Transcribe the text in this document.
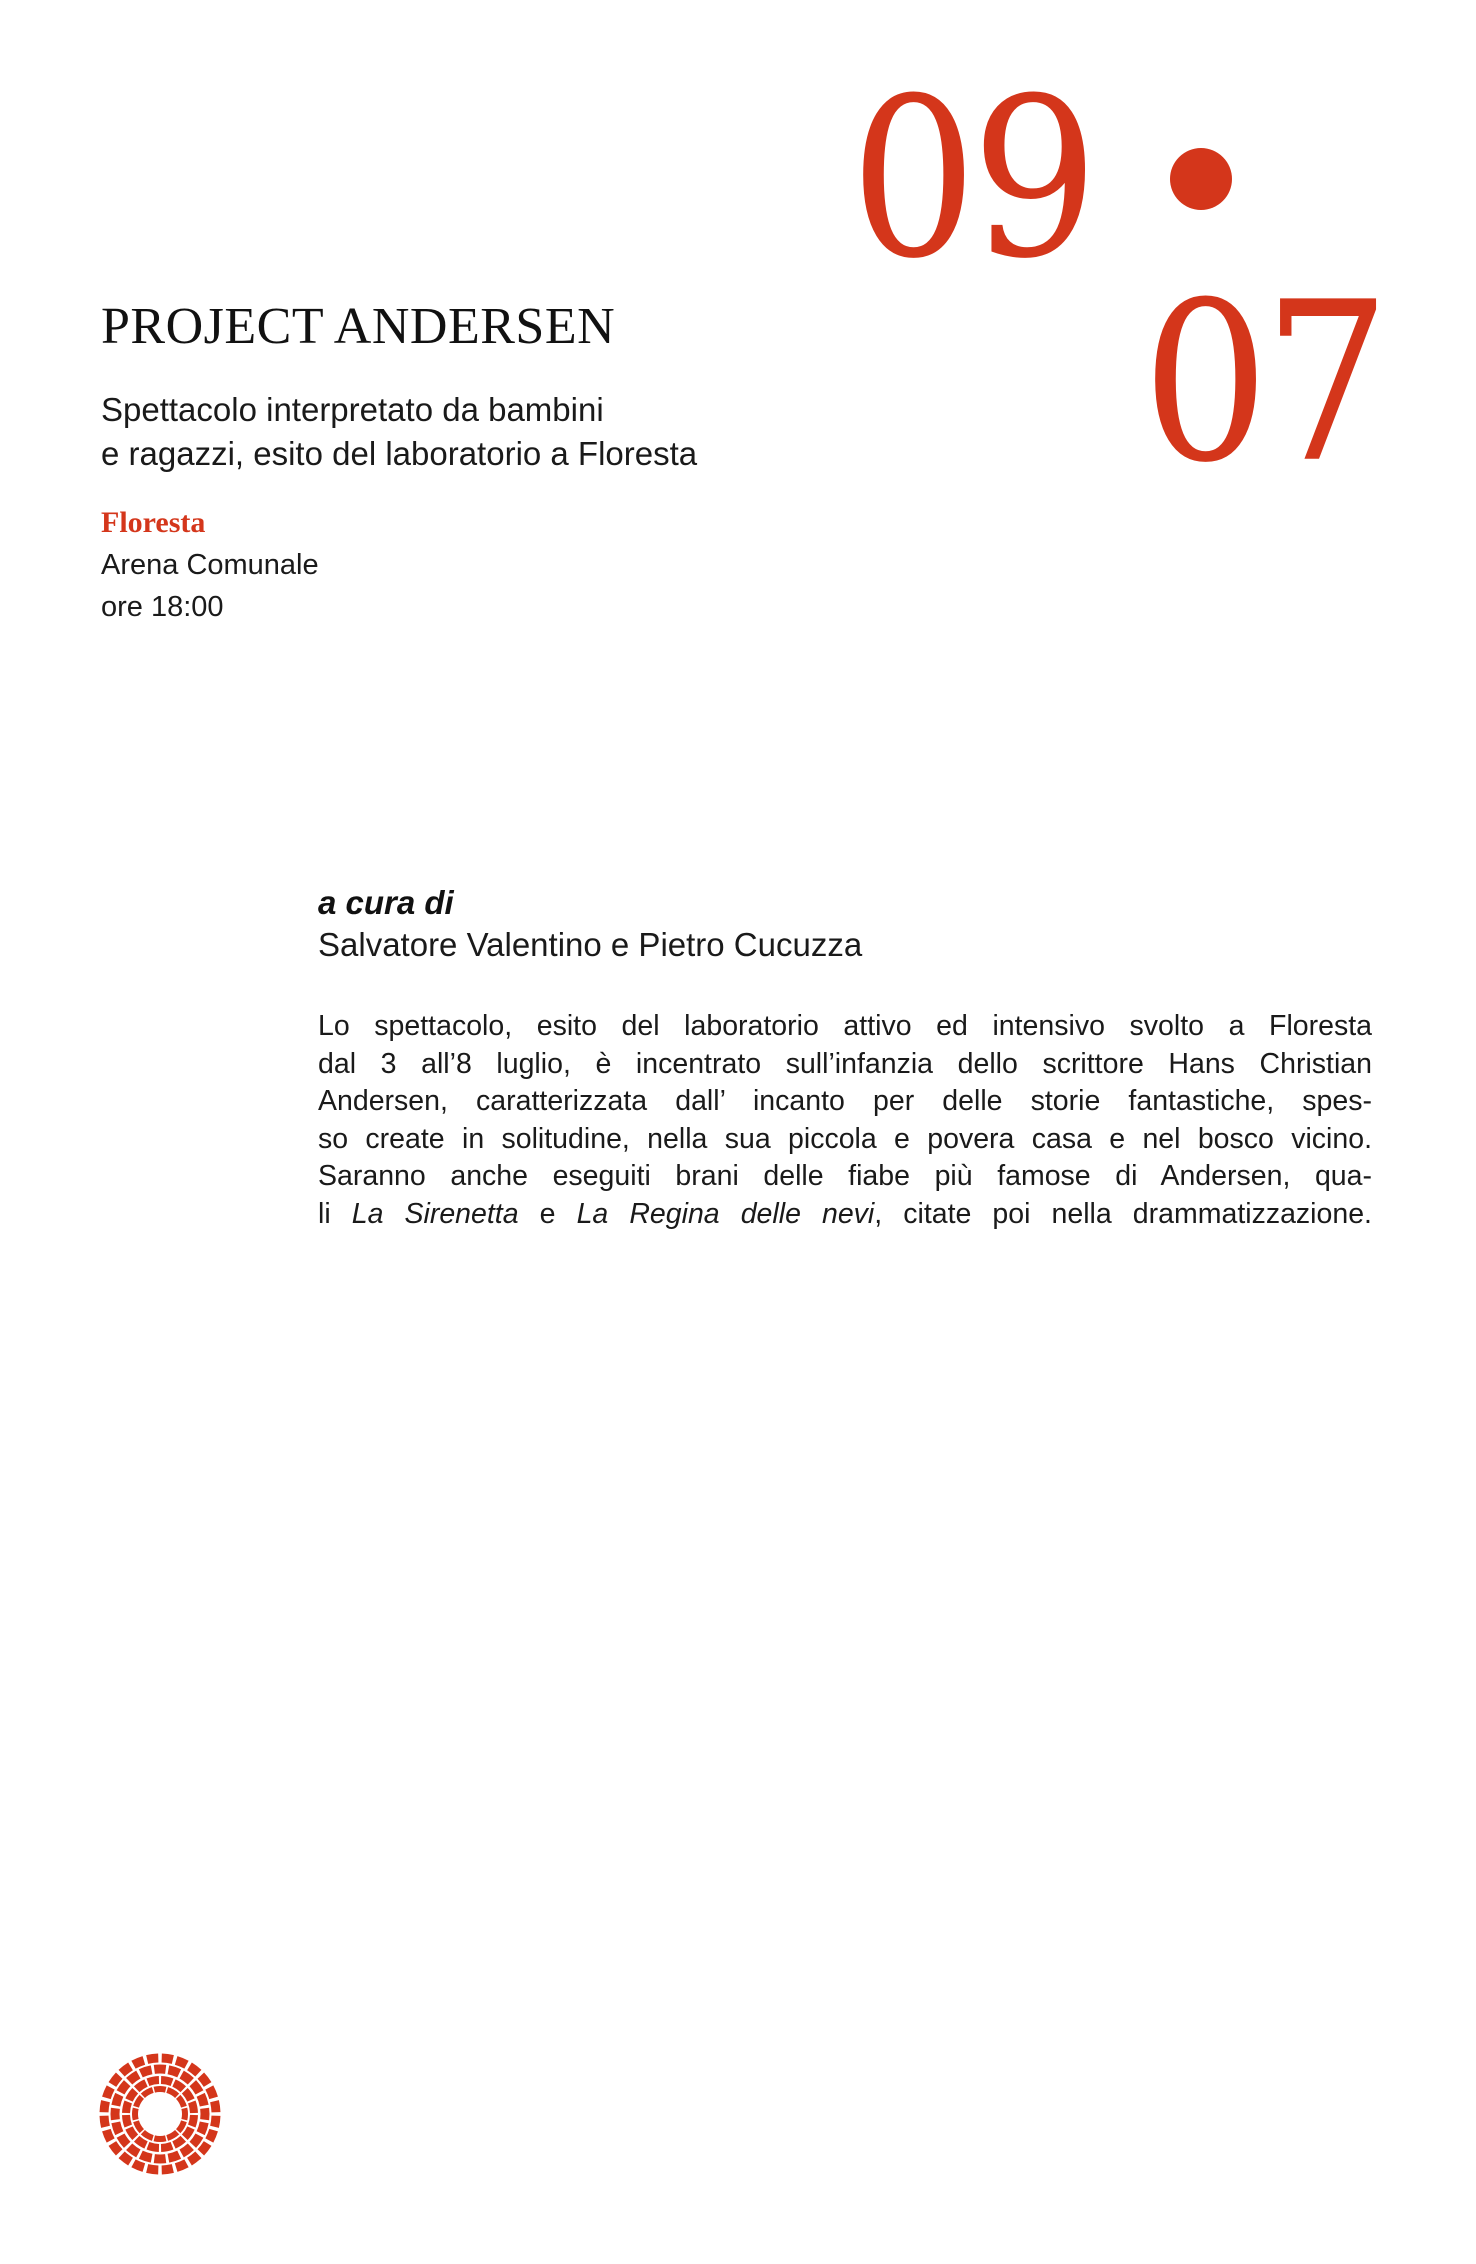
09
07
PROJECT ANDERSEN

Spettacolo interpretato da bambini
e ragazzi, esito del laboratorio a Floresta

Floresta
Arena Comunale
ore 18:00
a cura di
Salvatore Valentino e Pietro Cucuzza
Lo spettacolo, esito del laboratorio attivo ed intensivo svolto a Floresta
dal 3 all’8 luglio, è incentrato sull’infanzia dello scrittore Hans Christian
Andersen, caratterizzata dall’ incanto per delle storie fantastiche, spes-
so create in solitudine, nella sua piccola e povera casa e nel bosco vicino.
Saranno anche eseguiti brani delle fiabe più famose di Andersen, qua-
li La Sirenetta e La Regina delle nevi, citate poi nella drammatizzazione.
